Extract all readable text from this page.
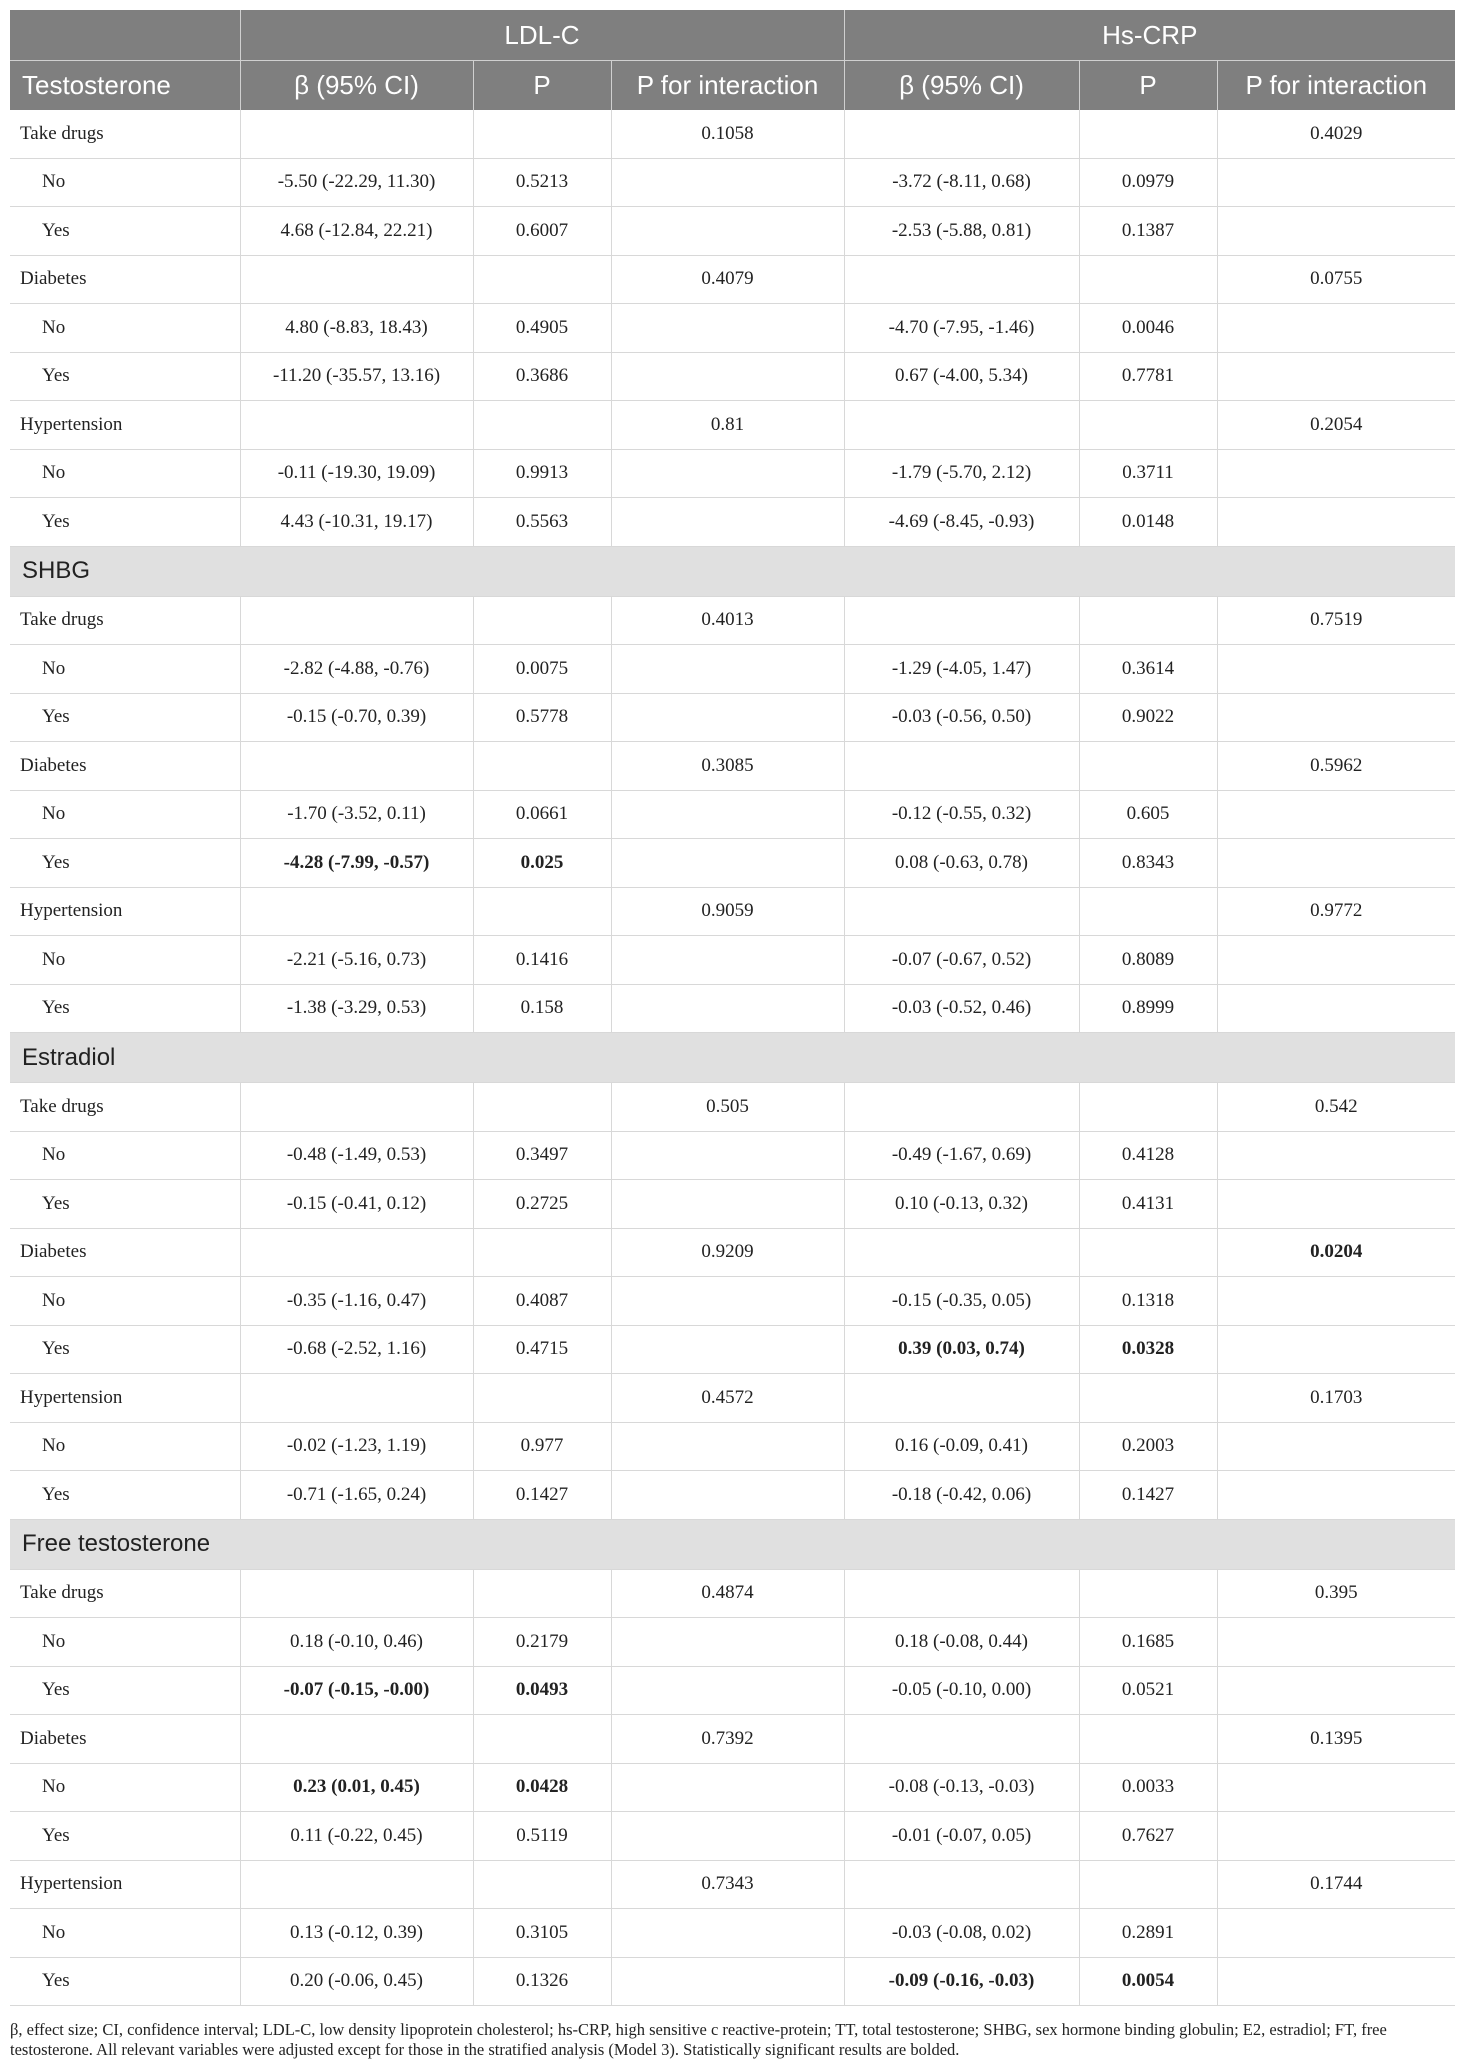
	LDL-C			Hs-CRP		
Testosterone	β (95% CI)	P	P for interaction	β (95% CI)	P	P for interaction
Take drugs			0.1058			0.4029
No	-5.50 (-22.29, 11.30)	0.5213		-3.72 (-8.11, 0.68)	0.0979	
Yes	4.68 (-12.84, 22.21)	0.6007		-2.53 (-5.88, 0.81)	0.1387	
Diabetes			0.4079			0.0755
No	4.80 (-8.83, 18.43)	0.4905		-4.70 (-7.95, -1.46)	0.0046	
Yes	-11.20 (-35.57, 13.16)	0.3686		0.67 (-4.00, 5.34)	0.7781	
Hypertension			0.81			0.2054
No	-0.11 (-19.30, 19.09)	0.9913		-1.79 (-5.70, 2.12)	0.3711	
Yes	4.43 (-10.31, 19.17)	0.5563		-4.69 (-8.45, -0.93)	0.0148	
SHBG						
Take drugs			0.4013			0.7519
No	-2.82 (-4.88, -0.76)	0.0075		-1.29 (-4.05, 1.47)	0.3614	
Yes	-0.15 (-0.70, 0.39)	0.5778		-0.03 (-0.56, 0.50)	0.9022	
Diabetes			0.3085			0.5962
No	-1.70 (-3.52, 0.11)	0.0661		-0.12 (-0.55, 0.32)	0.605	
Yes	-4.28 (-7.99, -0.57)	0.025		0.08 (-0.63, 0.78)	0.8343	
Hypertension			0.9059			0.9772
No	-2.21 (-5.16, 0.73)	0.1416		-0.07 (-0.67, 0.52)	0.8089	
Yes	-1.38 (-3.29, 0.53)	0.158		-0.03 (-0.52, 0.46)	0.8999	
Estradiol						
Take drugs			0.505			0.542
No	-0.48 (-1.49, 0.53)	0.3497		-0.49 (-1.67, 0.69)	0.4128	
Yes	-0.15 (-0.41, 0.12)	0.2725		0.10 (-0.13, 0.32)	0.4131	
Diabetes			0.9209			0.0204
No	-0.35 (-1.16, 0.47)	0.4087		-0.15 (-0.35, 0.05)	0.1318	
Yes	-0.68 (-2.52, 1.16)	0.4715		0.39 (0.03, 0.74)	0.0328	
Hypertension			0.4572			0.1703
No	-0.02 (-1.23, 1.19)	0.977		0.16 (-0.09, 0.41)	0.2003	
Yes	-0.71 (-1.65, 0.24)	0.1427		-0.18 (-0.42, 0.06)	0.1427	
Free testosterone						
Take drugs			0.4874			0.395
No	0.18 (-0.10, 0.46)	0.2179		0.18 (-0.08, 0.44)	0.1685	
Yes	-0.07 (-0.15, -0.00)	0.0493		-0.05 (-0.10, 0.00)	0.0521	
Diabetes			0.7392			0.1395
No	0.23 (0.01, 0.45)	0.0428		-0.08 (-0.13, -0.03)	0.0033	
Yes	0.11 (-0.22, 0.45)	0.5119		-0.01 (-0.07, 0.05)	0.7627	
Hypertension			0.7343			0.1744
No	0.13 (-0.12, 0.39)	0.3105		-0.03 (-0.08, 0.02)	0.2891	
Yes	0.20 (-0.06, 0.45)	0.1326		-0.09 (-0.16, -0.03)	0.0054	
β, effect size; CI, confidence interval; LDL-C, low density lipoprotein cholesterol; hs-CRP, high sensitive c reactive-protein; TT, total testosterone; SHBG, sex hormone binding globulin; E2, estradiol; FT, free testosterone. All relevant variables were adjusted except for those in the stratified analysis (Model 3). Statistically significant results are bolded.
